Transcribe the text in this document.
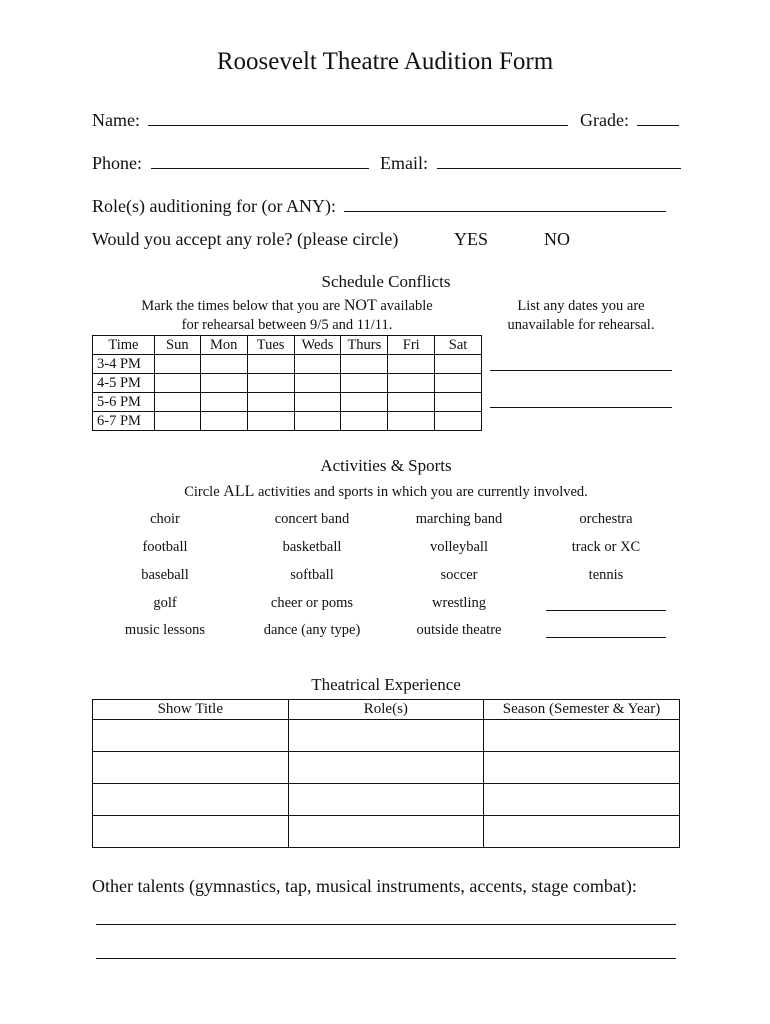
Roosevelt Theatre Audition Form
Name:	Grade:
Phone:	Email:
Role(s) auditioning for (or ANY):
Would you accept any role? (please circle)	YES	NO
Schedule Conflicts
Mark the times below that you are NOT available
for rehearsal between 9/5 and 11/11.
Time	Sun	Mon	Tues	Weds	Thurs	Fri	Sat
3-4 PM							
4-5 PM							
5-6 PM							
6-7 PM							
List any dates you are
unavailable for rehearsal.
Activities & Sports
Circle ALL activities and sports in which you are currently involved.
choir	concert band	marching band	orchestra
football	basketball	volleyball	track or XC
baseball	softball	soccer	tennis
golf	cheer or poms	wrestling
music lessons	dance (any type)	outside theatre
Theatrical Experience
Show Title	Role(s)	Season (Semester & Year)

Other talents (gymnastics, tap, musical instruments, accents, stage combat):
